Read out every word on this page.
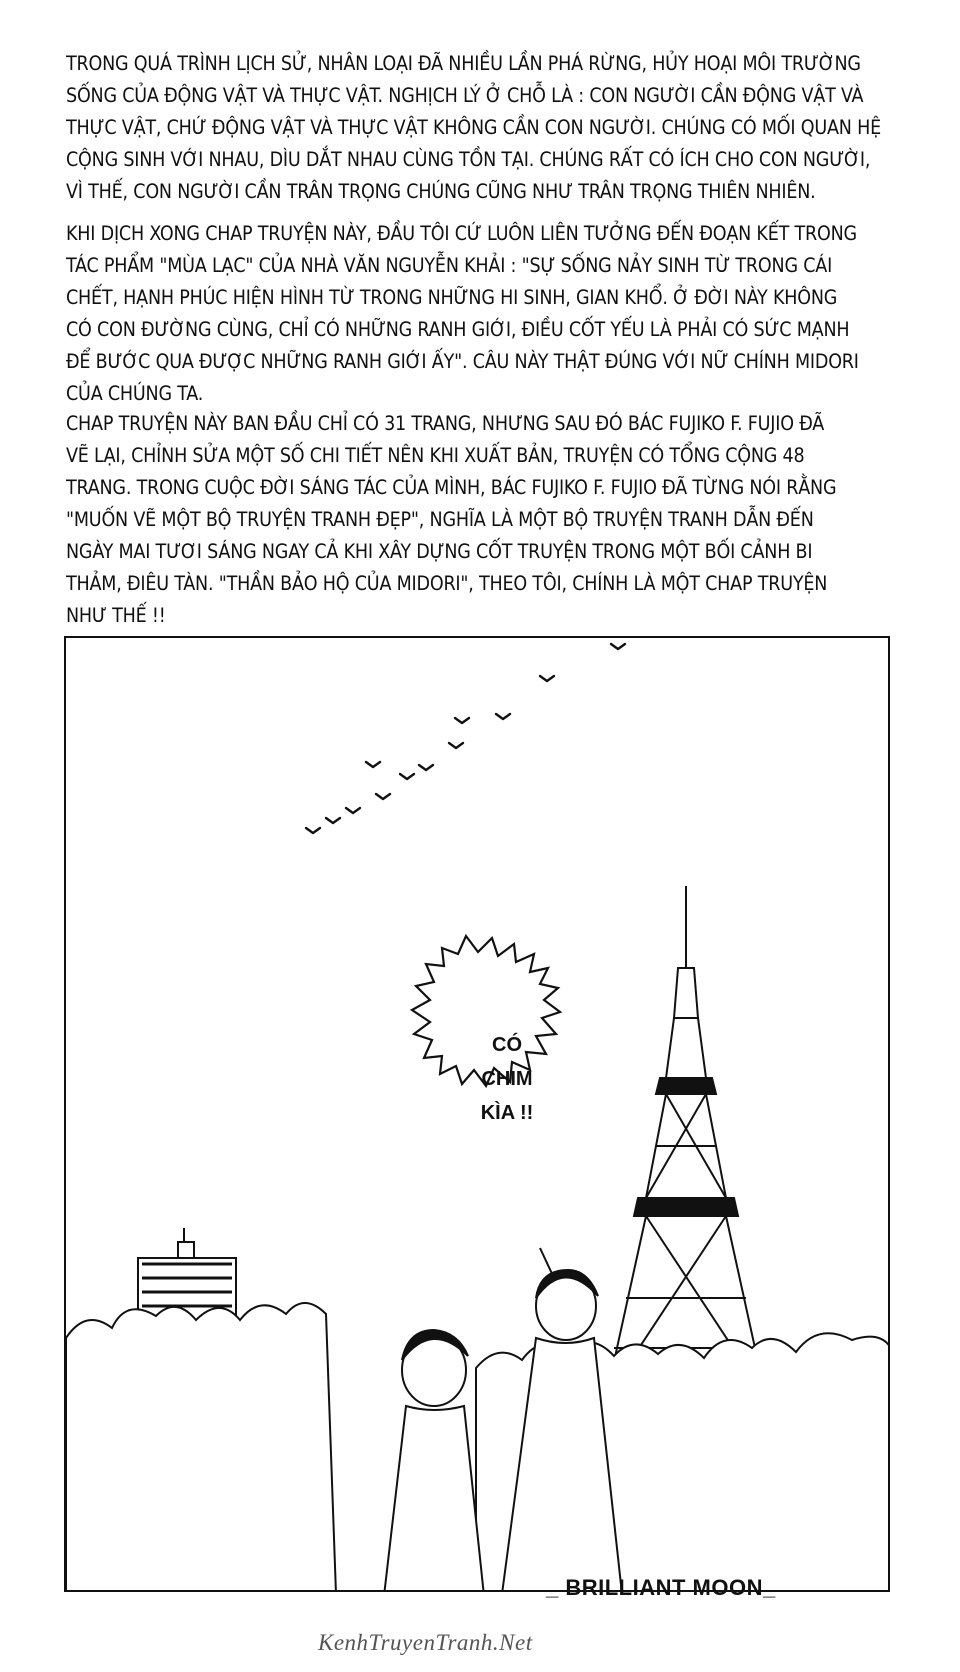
TRONG QUÁ TRÌNH LỊCH SỬ, NHÂN LOẠI ĐÃ NHIỀU LẦN PHÁ RỪNG, HỦY HOẠI MÔI TRƯỜNG
SỐNG CỦA ĐỘNG VẬT VÀ THỰC VẬT. NGHỊCH LÝ Ở CHỖ LÀ : CON NGƯỜI CẦN ĐỘNG VẬT VÀ
THỰC VẬT, CHỨ ĐỘNG VẬT VÀ THỰC VẬT KHÔNG CẦN CON NGƯỜI. CHÚNG CÓ MỐI QUAN HỆ
CỘNG SINH VỚI NHAU, DÌU DẮT NHAU CÙNG TỒN TẠI. CHÚNG RẤT CÓ ÍCH CHO CON NGƯỜI,
VÌ THẾ, CON NGƯỜI CẦN TRÂN TRỌNG CHÚNG CŨNG NHƯ TRÂN TRỌNG THIÊN NHIÊN.
KHI DỊCH XONG CHAP TRUYỆN NÀY, ĐẦU TÔI CỨ LUÔN LIÊN TƯỞNG ĐẾN ĐOẠN KẾT TRONG
TÁC PHẨM "MÙA LẠC" CỦA NHÀ VĂN NGUYỄN KHẢI : "SỰ SỐNG NẢY SINH TỪ TRONG CÁI
CHẾT, HẠNH PHÚC HIỆN HÌNH TỪ TRONG NHỮNG HI SINH, GIAN KHỔ. Ở ĐỜI NÀY KHÔNG
CÓ CON ĐƯỜNG CÙNG, CHỈ CÓ NHỮNG RANH GIỚI, ĐIỀU CỐT YẾU LÀ PHẢI CÓ SỨC MẠNH
ĐỂ BƯỚC QUA ĐƯỢC NHỮNG RANH GIỚI ẤY". CÂU NÀY THẬT ĐÚNG VỚI NỮ CHÍNH MIDORI
CỦA CHÚNG TA.
CHAP TRUYỆN NÀY BAN ĐẦU CHỈ CÓ 31 TRANG, NHƯNG SAU ĐÓ BÁC FUJIKO F. FUJIO ĐÃ
VẼ LẠI, CHỈNH SỬA MỘT SỐ CHI TIẾT NÊN KHI XUẤT BẢN, TRUYỆN CÓ TỔNG CỘNG 48
TRANG. TRONG CUỘC ĐỜI SÁNG TÁC CỦA MÌNH, BÁC FUJIKO F. FUJIO ĐÃ TỪNG NÓI RẰNG
"MUỐN VẼ MỘT BỘ TRUYỆN TRANH ĐẸP", NGHĨA LÀ MỘT BỘ TRUYỆN TRANH DẪN ĐẾN
NGÀY MAI TƯƠI SÁNG NGAY CẢ KHI XÂY DỰNG CỐT TRUYỆN TRONG MỘT BỐI CẢNH BI
THẢM, ĐIÊU TÀN. "THẦN BẢO HỘ CỦA MIDORI", THEO TÔI, CHÍNH LÀ MỘT CHAP TRUYỆN
NHƯ THẾ !!
CÓ
CHIM
KÌA !!
_ BRILLIANT MOON_
KenhTruyenTranh.Net
